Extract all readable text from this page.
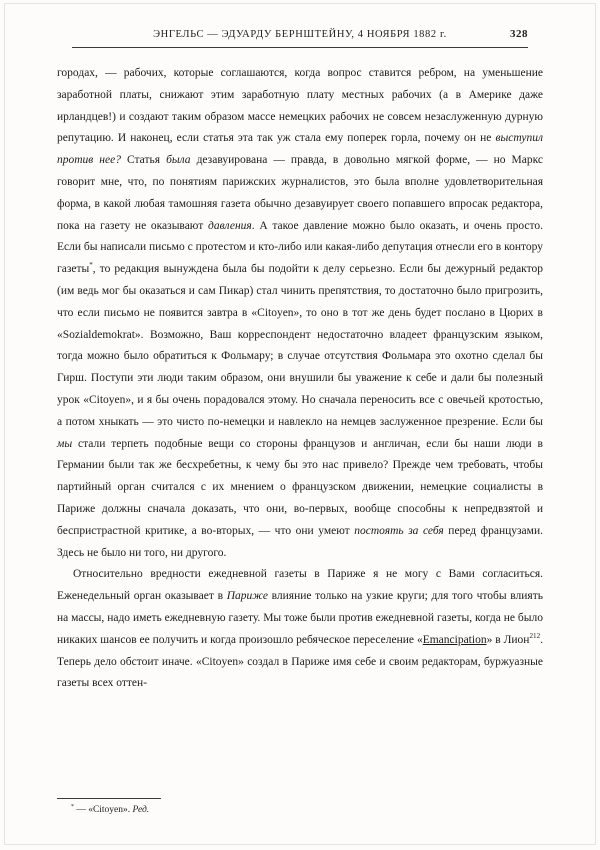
ЭНГЕЛЬС — ЭДУАРДУ БЕРНШТЕЙНУ, 4 НОЯБРЯ 1882 г.	328

городах, — рабочих, которые соглашаются, когда вопрос ставится ребром, на уменьшение заработной платы, снижают этим заработную плату местных рабочих (а в Америке даже ирландцев!) и создают таким образом массе немецких рабочих не совсем незаслуженную дурную репутацию. И наконец, если статья эта так уж стала ему поперек горла, почему он не выступил против нее? Статья была дезавуирована — правда, в довольно мягкой форме, — но Маркс говорит мне, что, по понятиям парижских журналистов, это была вполне удовлетворительная форма, в какой любая тамошняя газета обычно дезавуирует своего попавшего впросак редактора, пока на газету не оказывают давления. А такое давление можно было оказать, и очень просто. Если бы написали письмо с протестом и кто-либо или какая-либо депутация отнесли его в контору газеты*, то редакция вынуждена была бы подойти к делу серьезно. Если бы дежурный редактор (им ведь мог бы оказаться и сам Пикар) стал чинить препятствия, то достаточно было пригрозить, что если письмо не появится завтра в «Citoyen», то оно в тот же день будет послано в Цюрих в «Sozialdemokrat». Возможно, Ваш корреспондент недостаточно владеет французским языком, тогда можно было обратиться к Фольмару; в случае отсутствия Фольмара это охотно сделал бы Гирш. Поступи эти люди таким образом, они внушили бы уважение к себе и дали бы полезный урок «Citoyen», и я бы очень порадовался этому. Но сначала переносить все с овечьей кротостью, а потом хныкать — это чисто по-немецки и навлекло на немцев заслуженное презрение. Если бы мы стали терпеть подобные вещи со стороны французов и англичан, если бы наши люди в Германии были так же бесхребетны, к чему бы это нас привело? Прежде чем требовать, чтобы партийный орган считался с их мнением о французском движении, немецкие социалисты в Париже должны сначала доказать, что они, во-первых, вообще способны к непредвзятой и беспристрастной критике, а во-вторых, — что они умеют постоять за себя перед французами. Здесь не было ни того, ни другого.

Относительно вредности ежедневной газеты в Париже я не могу с Вами согласиться. Еженедельный орган оказывает в Париже влияние только на узкие круги; для того чтобы влиять на массы, надо иметь ежедневную газету. Мы тоже были против ежедневной газеты, когда не было никаких шансов ее получить и когда произошло ребяческое переселение «Emancipation» в Лион$^{212}$. Теперь дело обстоит иначе. «Citoyen» создал в Париже имя себе и своим редакторам, буржуазные газеты всех оттен-

* — «Citoyen». Ред.
